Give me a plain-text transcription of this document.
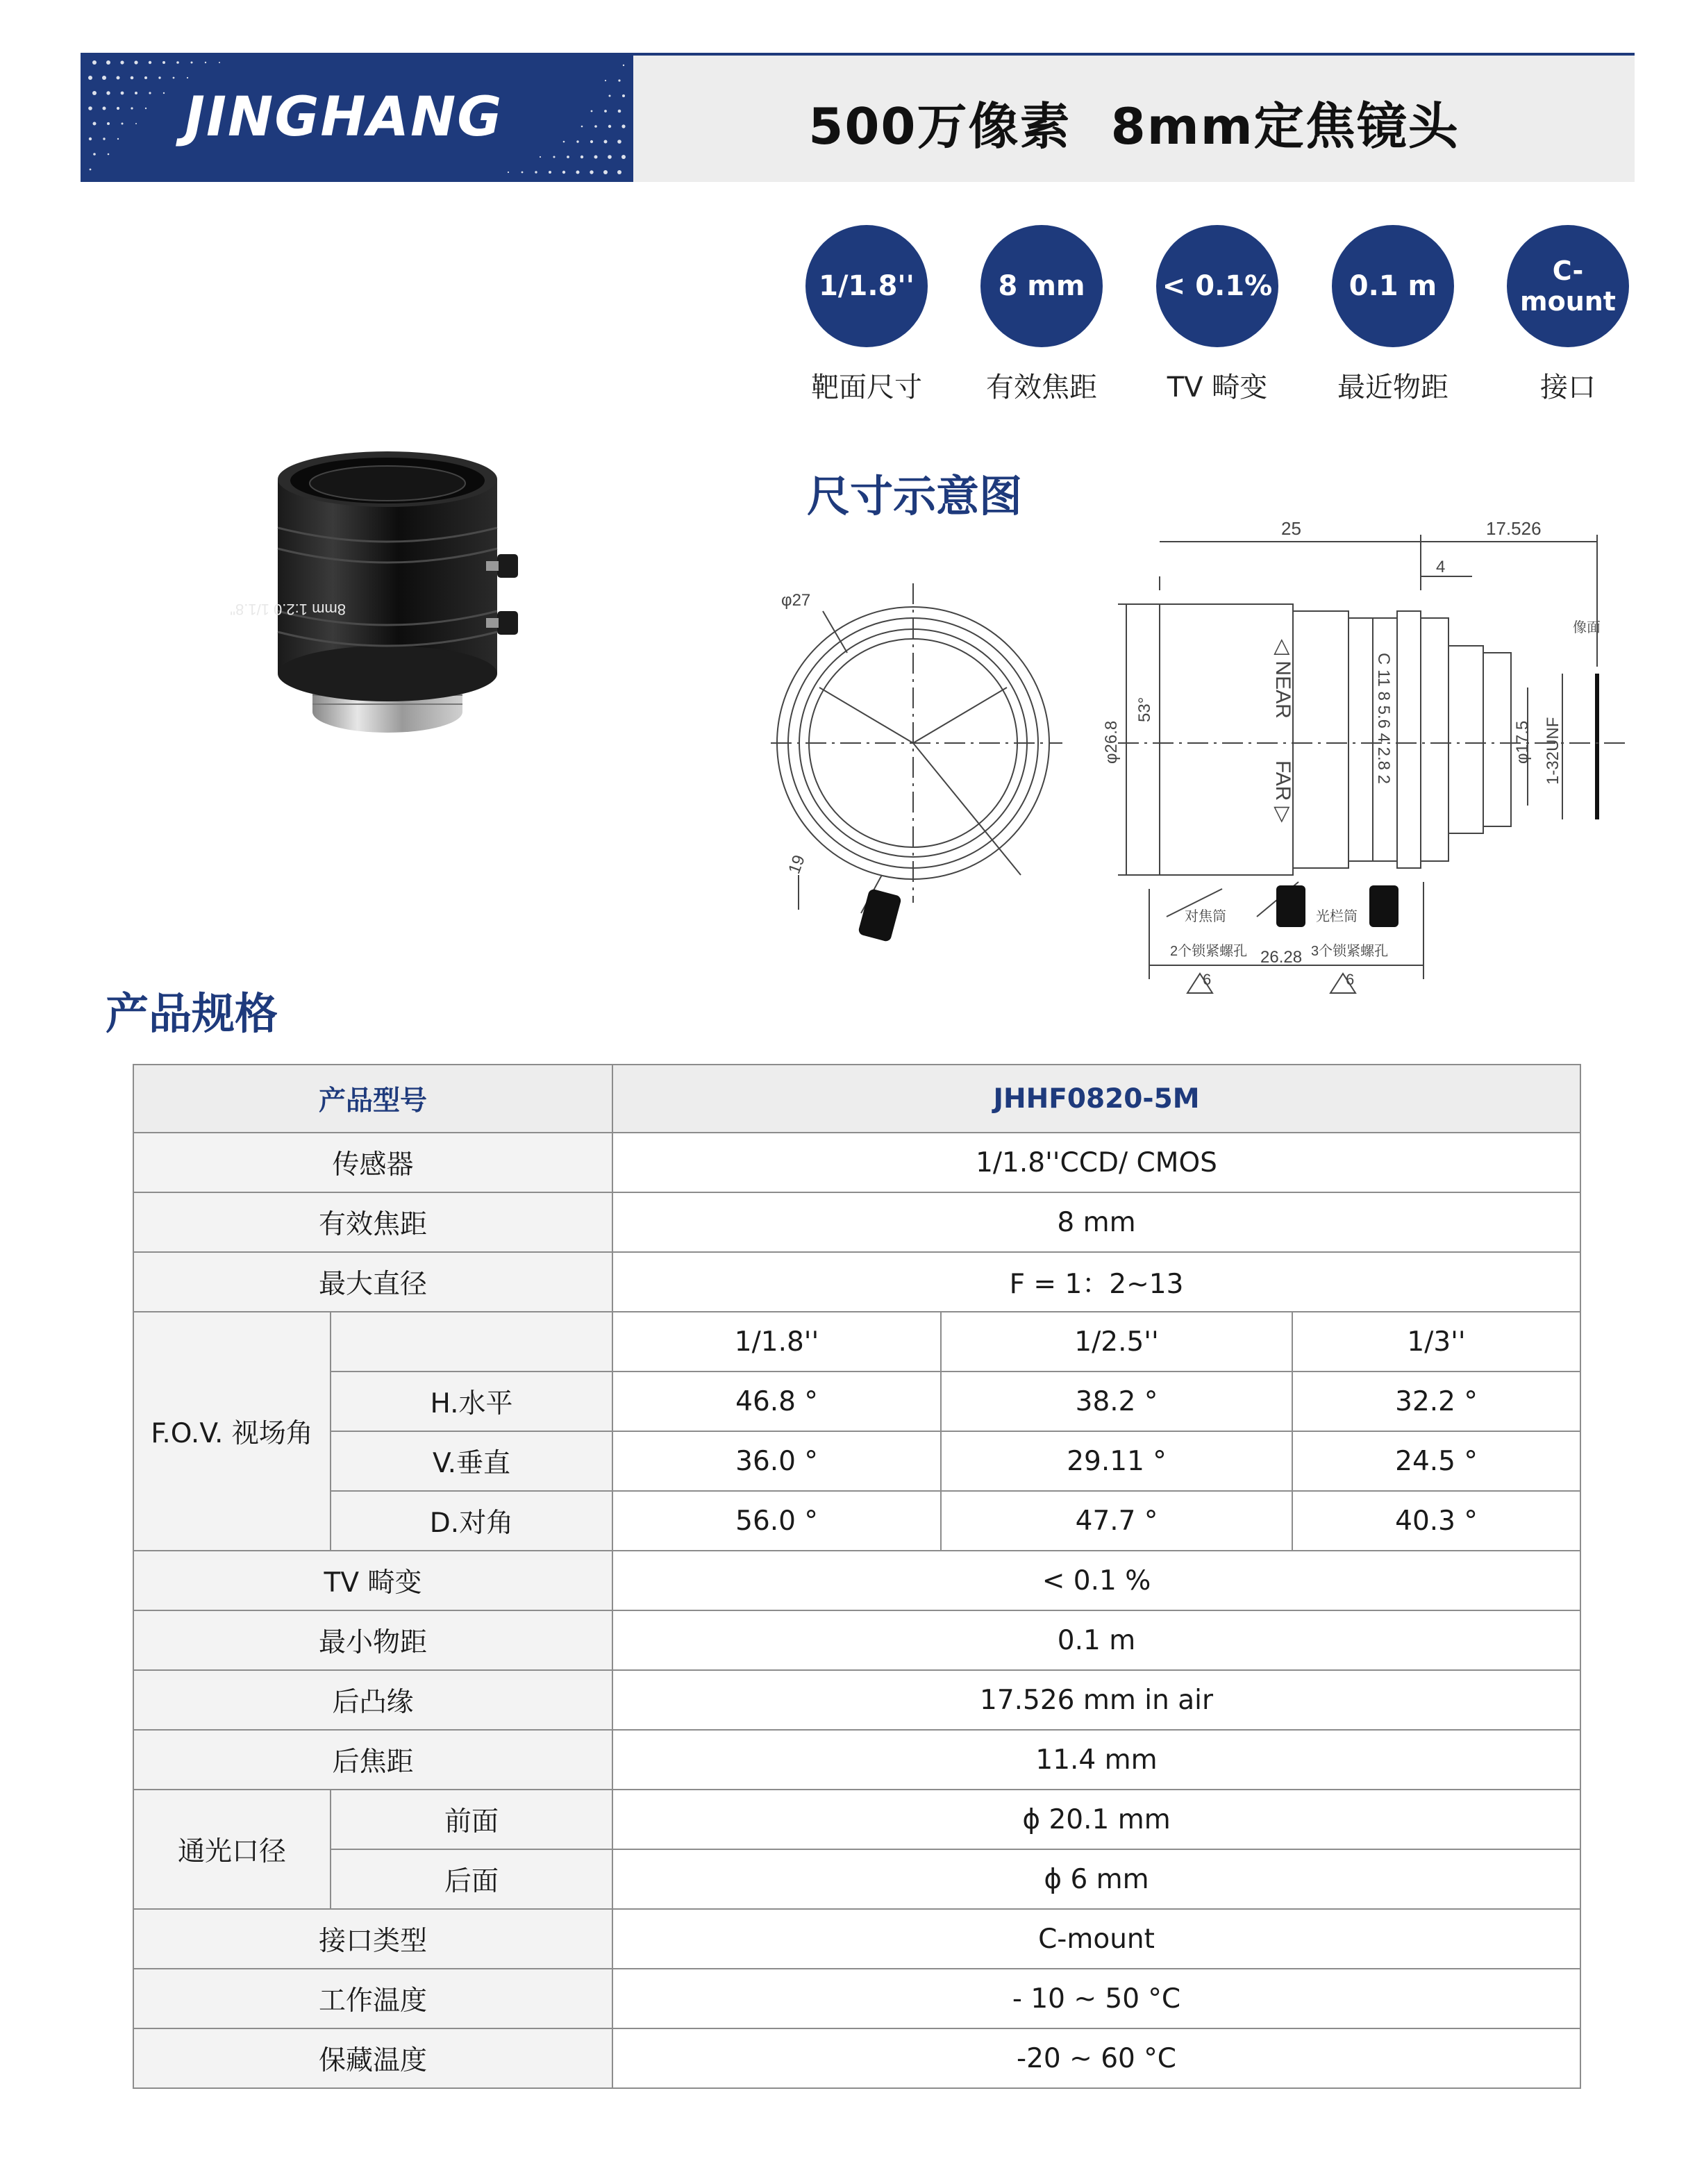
JINGHANG	500万像素 8mm定焦镜头
1/1.8''
靶面尺寸
8 mm
有效焦距
< 0.1%
TV 畸变
0.1 m
最近物距
C-mount
接口
8mm 1:2.0 1/1.8"
尺寸示意图
产品规格
φ27
19
25	17.526
4
像面
φ26.8
53°
φ17.5 1-32UNF
◁ NEAR
FAR ▷
C 11 8 5.6 4 2.8 2
对焦筒	光栏筒
2个锁紧螺孔	3个锁紧螺孔
26.28
6	6
产品型号		JHHF0820-5M		
传感器		1/1.8''CCD/ CMOS		
有效焦距		8 mm		
最大直径		F = 1：2~13		
F.O.V. 视场角		1/1.8''	1/2.5''	1/3''
	H.水平	46.8 °	38.2 °	32.2 °
	V.垂直	36.0 °	29.11 °	24.5 °
	D.对角	56.0 °	47.7 °	40.3 °
TV 畸变		< 0.1 %		
最小物距		0.1 m		
后凸缘		17.526 mm in air		
后焦距		11.4 mm		
通光口径	前面	ϕ 20.1 mm		
	后面	ϕ 6 mm		
接口类型		C-mount		
工作温度		- 10 ~ 50 °C		
保藏温度		-20 ~ 60 °C		
